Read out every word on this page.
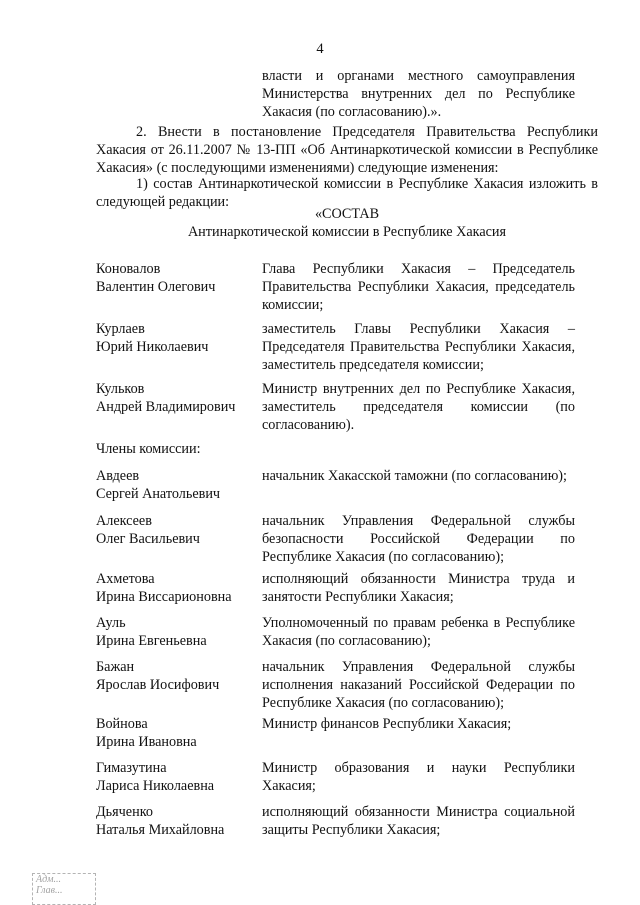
4
власти и органами местного самоуправления Министерства внутренних дел по Республике Хакасия (по согласованию).».
2. Внести в постановление Председателя Правительства Республики Хакасия от 26.11.2007 № 13-ПП «Об Антинаркотической комиссии в Республике Хакасия» (с последующими изменениями) следующие изменения:
1) состав Антинаркотической комиссии в Республике Хакасия изложить в следующей редакции:
«СОСТАВ
Антинаркотической комиссии в Республике Хакасия
Коновалов
Валентин Олегович
Глава Республики Хакасия – Председатель Правительства Республики Хакасия, председатель комиссии;
Курлаев
Юрий Николаевич
заместитель Главы Республики Хакасия – Председателя Правительства Республики Хакасия, заместитель председателя комиссии;
Кульков
Андрей Владимирович
Министр внутренних дел по Республике Хакасия, заместитель председателя комиссии (по согласованию).
Члены комиссии:
Авдеев
Сергей Анатольевич
начальник Хакасской таможни (по согласованию);
Алексеев
Олег Васильевич
начальник Управления Федеральной службы безопасности Российской Федерации по Республике Хакасия (по согласованию);
Ахметова
Ирина Виссарионовна
исполняющий обязанности Министра труда и занятости Республики Хакасия;
Ауль
Ирина Евгеньевна
Уполномоченный по правам ребенка в Республике Хакасия (по согласованию);
Бажан
Ярослав Иосифович
начальник Управления Федеральной службы исполнения наказаний Российской Федерации по Республике Хакасия (по согласованию);
Войнова
Ирина Ивановна
Министр финансов Республики Хакасия;
Гимазутина
Лариса Николаевна
Министр образования и науки Республики Хакасия;
Дьяченко
Наталья Михайловна
исполняющий обязанности Министра социальной защиты Республики Хакасия;
Адм...
Глав...
